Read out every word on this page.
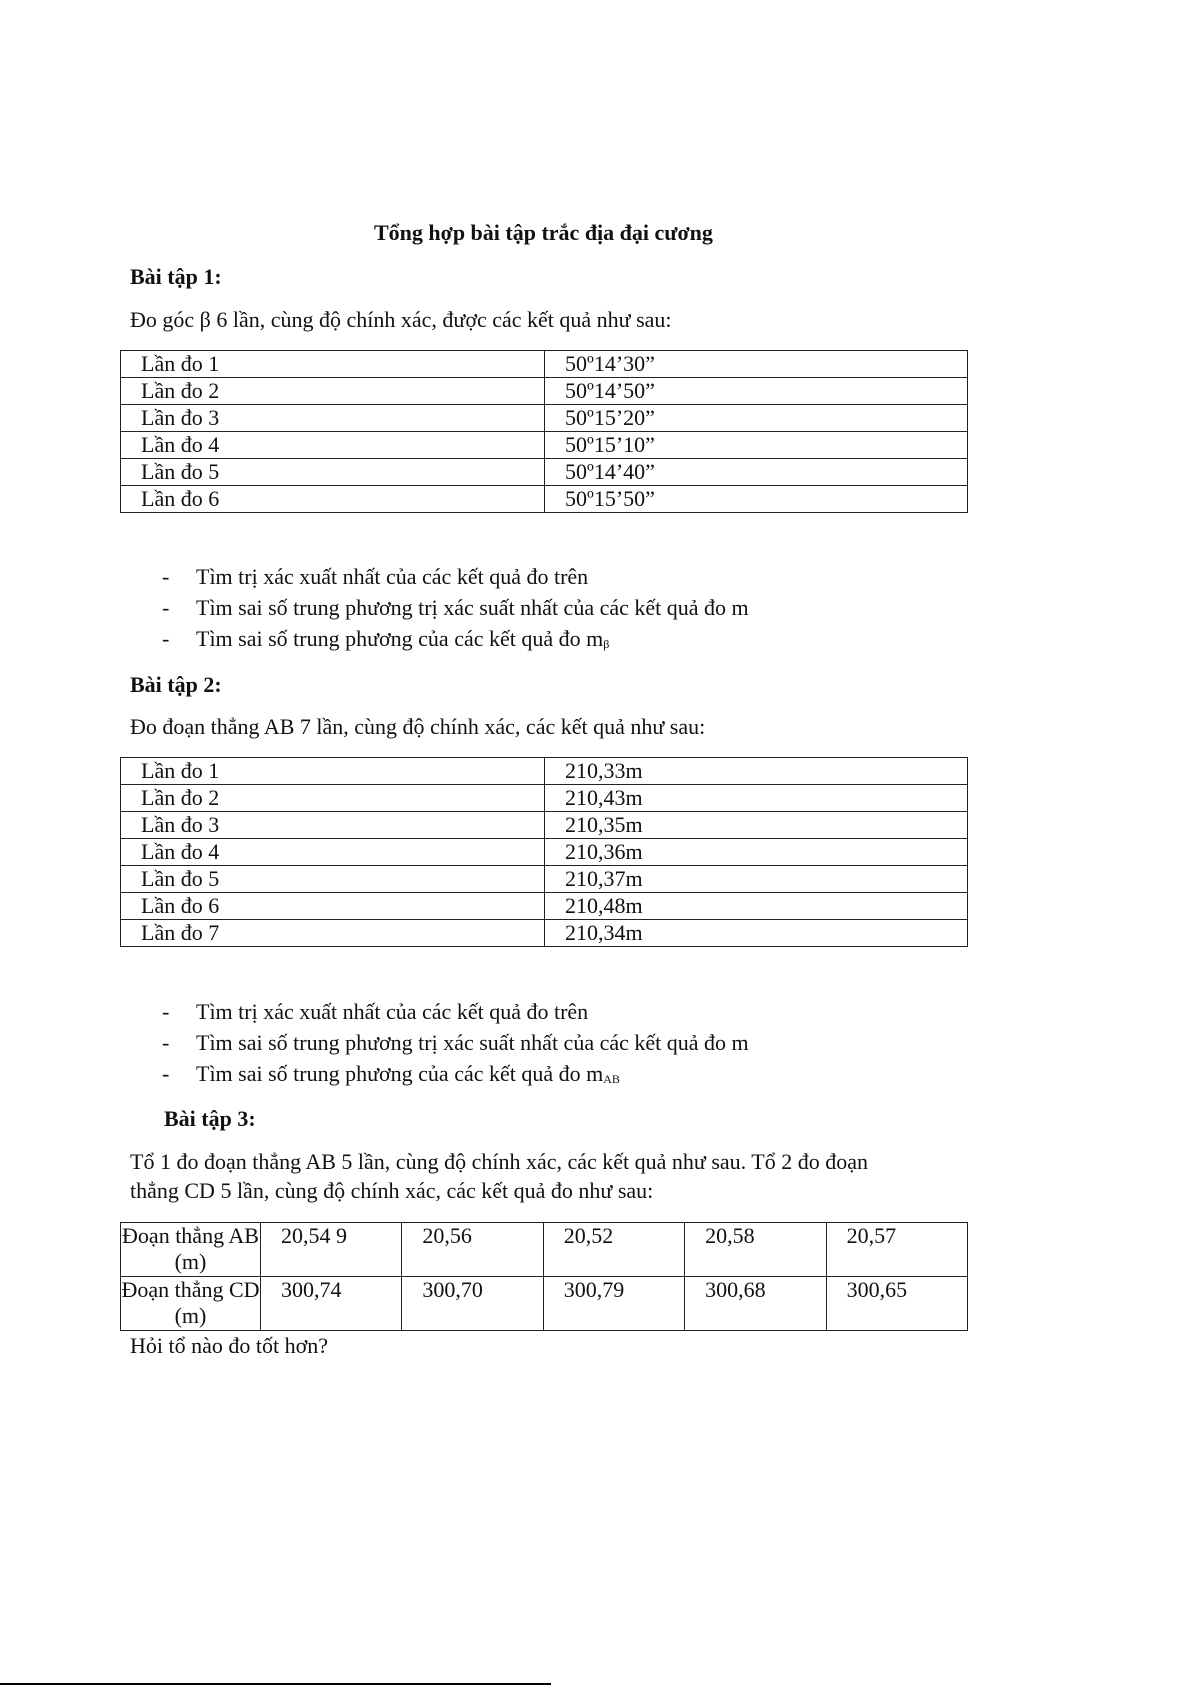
Tổng hợp bài tập trắc địa đại cương
Bài tập 1:
Đo góc β 6 lần, cùng độ chính xác, được các kết quả như sau:
Lần đo 1	50º14’30”
Lần đo 2	50º14’50”
Lần đo 3	50º15’20”
Lần đo 4	50º15’10”
Lần đo 5	50º14’40”
Lần đo 6	50º15’50”
- Tìm trị xác xuất nhất của các kết quả đo trên
- Tìm sai số trung phương trị xác suất nhất của các kết quả đo m
- Tìm sai số trung phương của các kết quả đo $m_\beta$
Bài tập 2:
Đo đoạn thẳng AB 7 lần, cùng độ chính xác, các kết quả như sau:
Lần đo 1	210,33m
Lần đo 2	210,43m
Lần đo 3	210,35m
Lần đo 4	210,36m
Lần đo 5	210,37m
Lần đo 6	210,48m
Lần đo 7	210,34m
- Tìm trị xác xuất nhất của các kết quả đo trên
- Tìm sai số trung phương trị xác suất nhất của các kết quả đo m
- Tìm sai số trung phương của các kết quả đo $m_{AB}$
Bài tập 3:
Tổ 1 đo đoạn thẳng AB 5 lần, cùng độ chính xác, các kết quả như sau. Tổ 2 đo đoạn
thẳng CD 5 lần, cùng độ chính xác, các kết quả đo như sau:
Đoạn thẳng AB (m)	20,54 9	20,56	20,52	20,58	20,57
Đoạn thẳng CD (m)	300,74	300,70	300,79	300,68	300,65
Hỏi tổ nào đo tốt hơn?
